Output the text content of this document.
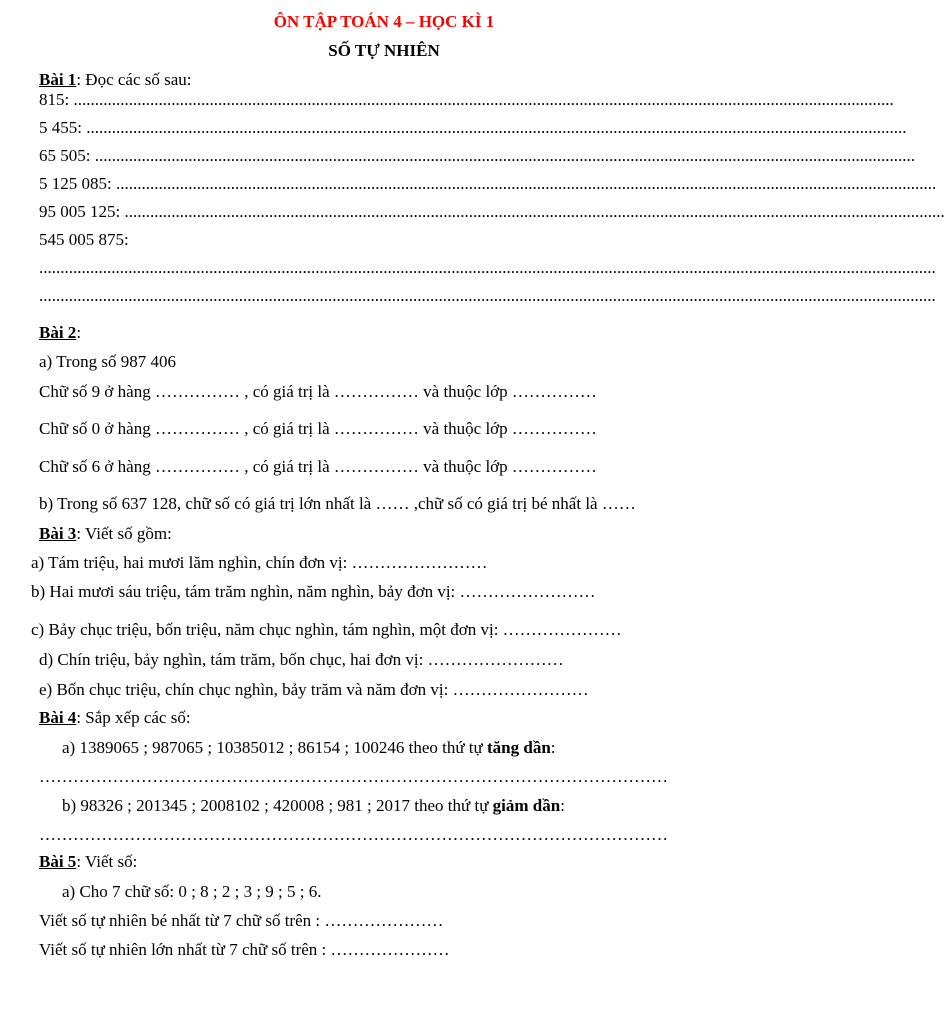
ÔN TẬP TOÁN 4 – HỌC KÌ 1
SỐ TỰ NHIÊN
Bài 1: Đọc các số sau:
815: .................................................................................................................................................................................................
5 455: .................................................................................................................................................................................................
65 505: .................................................................................................................................................................................................
5 125 085: .................................................................................................................................................................................................
95 005 125: .................................................................................................................................................................................................
545 005 875:
...................................................................................................................................................................................................................
...................................................................................................................................................................................................................
Bài 2:
a) Trong số 987 406
Chữ số 9 ở hàng …………… , có giá trị là …………… và thuộc lớp ……………
Chữ số 0 ở hàng …………… , có giá trị là …………… và thuộc lớp ……………
Chữ số 6 ở hàng …………… , có giá trị là …………… và thuộc lớp ……………
b) Trong số 637 128, chữ số có giá trị lớn nhất là …… ,chữ số có giá trị bé nhất là ……
Bài 3: Viết số gồm:
a) Tám triệu, hai mươi lăm nghìn, chín đơn vị: ……………………
b) Hai mươi sáu triệu, tám trăm nghìn, năm nghìn, bảy đơn vị: ……………………
c) Bảy chục triệu, bốn triệu, năm chục nghìn, tám nghìn, một đơn vị: …………………
d) Chín triệu, bảy nghìn, tám trăm, bốn chục, hai đơn vị: ……………………
e) Bốn chục triệu, chín chục nghìn, bảy trăm và năm đơn vị: ……………………
Bài 4: Sắp xếp các số:
a) 1389065 ; 987065 ; 10385012 ; 86154 ; 100246 theo thứ tự tăng dần:
…………………………………………………………………………………………………
b) 98326 ; 201345 ; 2008102 ; 420008 ; 981 ; 2017 theo thứ tự giảm dần:
…………………………………………………………………………………………………
Bài 5: Viết số:
a) Cho 7 chữ số: 0 ; 8 ; 2 ; 3 ; 9 ; 5 ; 6.
Viết số tự nhiên bé nhất từ 7 chữ số trên : …………………
Viết số tự nhiên lớn nhất từ 7 chữ số trên : …………………
